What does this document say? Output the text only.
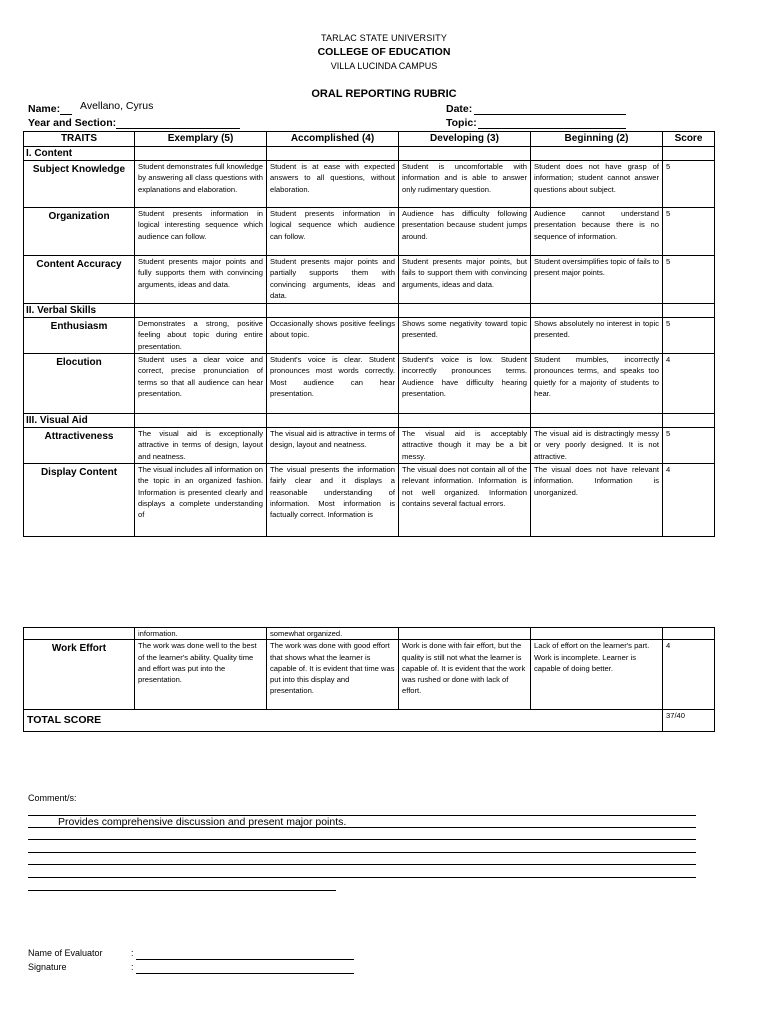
TARLAC STATE UNIVERSITY
COLLEGE OF EDUCATION
VILLA LUCINDA CAMPUS
ORAL REPORTING RUBRIC
Name: Avellano, Cyrus
Year and Section:
Date:
Topic:
TRAITS	Exemplary (5)	Accomplished (4)	Developing (3)	Beginning (2)	Score
I. Content					
Subject Knowledge	Student demonstrates full knowledge by answering all class questions with explanations and elaboration.	Student is at ease with expected answers to all questions, without elaboration.	Student is uncomfortable with information and is able to answer only rudimentary question.	Student does not have grasp of information; student cannot answer questions about subject.	5
Organization	Student presents information in logical interesting sequence which audience can follow.	Student presents information in logical sequence which audience can follow.	Audience has difficulty following presentation because student jumps around.	Audience cannot understand presentation because there is no sequence of information.	5
Content Accuracy	Student presents major points and fully supports them with convincing arguments, ideas and data.	Student presents major points and partially supports them with convincing arguments, ideas and data.	Student presents major points, but fails to support them with convincing arguments, ideas and data.	Student oversimplifies topic of fails to present major points.	5
II. Verbal Skills					
Enthusiasm	Demonstrates a strong, positive feeling about topic during entire presentation.	Occasionally shows positive feelings about topic.	Shows some negativity toward topic presented.	Shows absolutely no interest in topic presented.	5
Elocution	Student uses a clear voice and correct, precise pronunciation of terms so that all audience can hear presentation.	Student's voice is clear. Student pronounces most words correctly. Most audience can hear presentation.	Student's voice is low. Student incorrectly pronounces terms. Audience have difficulty hearing presentation.	Student mumbles, incorrectly pronounces terms, and speaks too quietly for a majority of students to hear.	4
III. Visual Aid					
Attractiveness	The visual aid is exceptionally attractive in terms of design, layout and neatness.	The visual aid is attractive in terms of design, layout and neatness.	The visual aid is acceptably attractive though it may be a bit messy.	The visual aid is distractingly messy or very poorly designed. It is not attractive.	5
Display Content	The visual includes all information on the topic in an organized fashion. Information is presented clearly and displays a complete understanding of	The visual presents the information fairly clear and it displays a reasonable understanding of information. Most information is factually correct. Information is	The visual does not contain all of the relevant information. Information is not well organized. Information contains several factual errors.	The visual does not have relevant information. Information is unorganized.	4
	information.	somewhat organized.			
Work Effort	The work was done well to the best of the learner's ability. Quality time and effort was put into the presentation.	The work was done with good effort that shows what the learner is capable of. It is evident that time was put into this display and presentation.	Work is done with fair effort, but the quality is still not what the learner is capable of. It is evident that the work was rushed or done with lack of effort.	Lack of effort on the learner's part. Work is incomplete. Learner is capable of doing better.	4
TOTAL SCORE					37/40
Comment/s:
Provides comprehensive discussion and present major points.
Name of Evaluator	:
Signature	:
